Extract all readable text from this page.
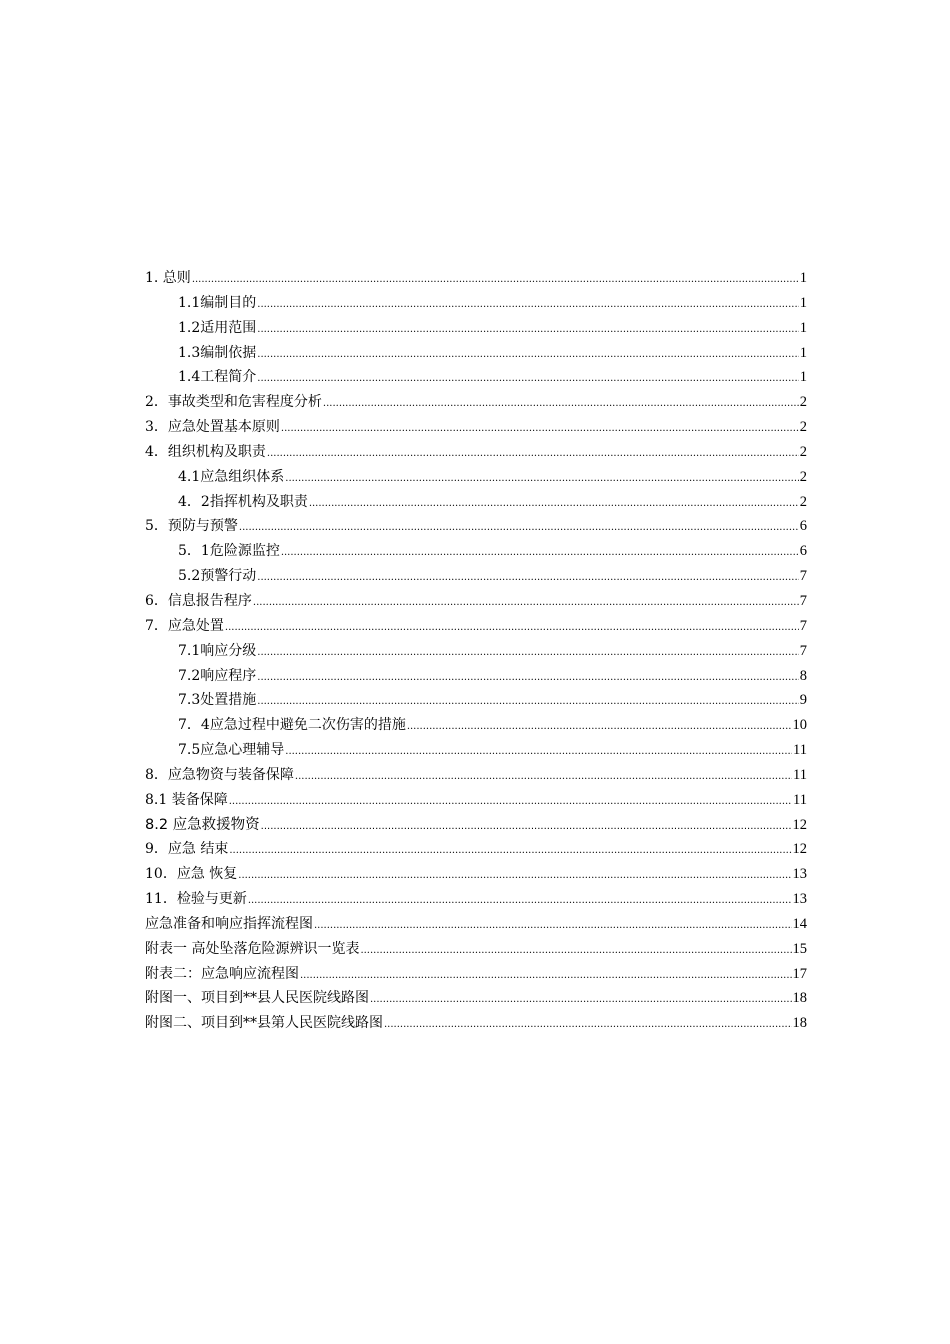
1. 总则 .....	1
1.1编制目的 .....	1
1.2适用范围 .....	1
1.3编制依据 .....	1
1.4工程简介 .....	1
2．事故类型和危害程度分析 .....	2
3．应急处置基本原则 .....	2
4．组织机构及职责 .....	2
4.1应急组织体系 .....	2
4．2指挥机构及职责 .....	2
5．预防与预警 .....	6
5．1危险源监控 .....	6
5.2预警行动 .....	7
6．信息报告程序 .....	7
7．应急处置 .....	7
7.1响应分级 .....	7
7.2响应程序 .....	8
7.3处置措施 .....	9
7．4应急过程中避免二次伤害的措施 .....	10
7.5应急心理辅导 .....	11
8．应急物资与装备保障 .....	11
8.1 装备保障 .....	11
8.2 应急救援物资 .....	12
9．应急 结束 .....	12
10．应急 恢复 .....	13
11．检验与更新 .....	13
应急准备和响应指挥流程图 .....	14
附表一 高处坠落危险源辨识一览表 .....	15
附表二：应急响应流程图 .....	17
附图一、项目到**县人民医院线路图 .....	18
附图二、项目到**县第人民医院线路图 .....	18
